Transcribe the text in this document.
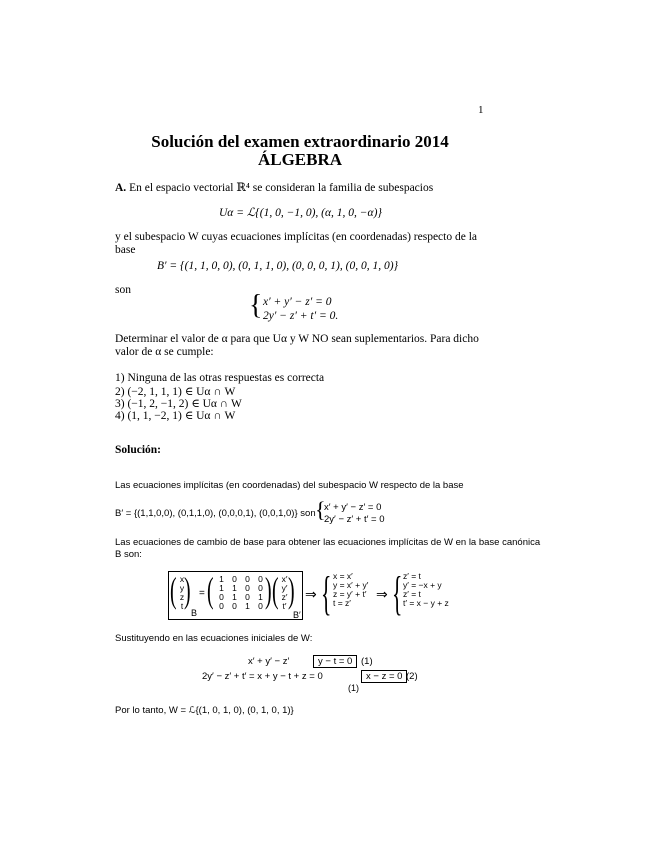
1
Solución del examen extraordinario 2014
ÁLGEBRA
A. En el espacio vectorial ℝ⁴ se consideran la familia de subespacios
Uα = ℒ{(1, 0, −1, 0), (α, 1, 0, −α)}
y el subespacio W cuyas ecuaciones implícitas (en coordenadas) respecto de la
base
B′ = {(1, 1, 0, 0), (0, 1, 1, 0), (0, 0, 0, 1), (0, 0, 1, 0)}
son	{ x′ + y′ − z′ = 0
2y′ − z′ + t′ = 0.
Determinar el valor de α para que Uα y W NO sean suplementarios. Para dicho
valor de α se cumple:
1) Ninguna de las otras respuestas es correcta
2) (−2, 1, 1, 1) ∈ Uα ∩ W
3) (−1, 2, −1, 2) ∈ Uα ∩ W
4) (1, 1, −2, 1) ∈ Uα ∩ W
Solución:
Las ecuaciones implícitas (en coordenadas) del subespacio W respecto de la base
B′ = {(1,1,0,0), (0,1,1,0), (0,0,0,1), (0,0,1,0)} son {
x′ + y′ − z′ = 0
2y′ − z′ + t′ = 0
Las ecuaciones de cambio de base para obtener las ecuaciones implícitas de W en la base canónica
B son:
( x
y
z
t )
B
= ( 1 0 0 0
1 1 0 0
0 1 0 1
0 0 1 0 ) ( x′
y′
z′
t′ )
B′
⇒ { x = x′
y = x′ + y′
z = y′ + t′
t = z′
⇒ { z′ = t
y′ = −x + y
z′ = t
t′ = x − y + z
Sustituyendo en las ecuaciones iniciales de W:
x′ + y′ − z′	y − t = 0 (1)
2y′ − z′ + t′ = x + y − t + z = 0
(1)
x − z = 0 (2)
Por lo tanto, W = ℒ{(1, 0, 1, 0), (0, 1, 0, 1)}
